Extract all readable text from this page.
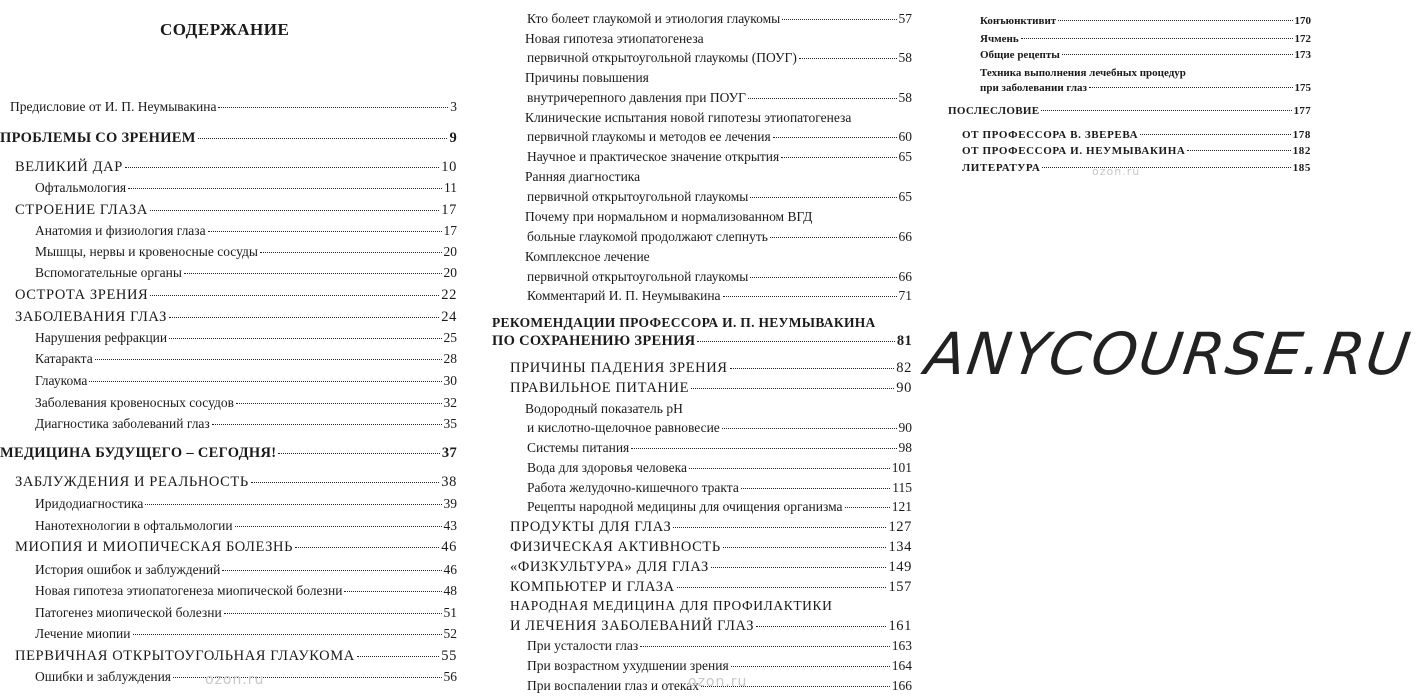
СОДЕРЖАНИЕ
Предисловие от И. П. Неумывакина	3
ПРОБЛЕМЫ СО ЗРЕНИЕМ	9
ВЕЛИКИЙ ДАР	10
Офтальмология	11
СТРОЕНИЕ ГЛАЗА	17
Анатомия и физиология глаза	17
Мышцы, нервы и кровеносные сосуды	20
Вспомогательные органы	20
ОСТРОТА ЗРЕНИЯ	22
ЗАБОЛЕВАНИЯ ГЛАЗ	24
Нарушения рефракции	25
Катаракта	28
Глаукома	30
Заболевания кровеносных сосудов	32
Диагностика заболеваний глаз	35
МЕДИЦИНА БУДУЩЕГО – СЕГОДНЯ!	37
ЗАБЛУЖДЕНИЯ И РЕАЛЬНОСТЬ	38
Иридодиагностика	39
Нанотехнологии в офтальмологии	43
МИОПИЯ И МИОПИЧЕСКАЯ БОЛЕЗНЬ	46
История ошибок и заблуждений	46
Новая гипотеза этиопатогенеза миопической болезни	48
Патогенез миопической болезни	51
Лечение миопии	52
ПЕРВИЧНАЯ ОТКРЫТОУГОЛЬНАЯ ГЛАУКОМА	55
Ошибки и заблуждения	56
Кто болеет глаукомой и этиология глаукомы	57
Новая гипотеза этиопатогенеза
первичной открытоугольной глаукомы (ПОУГ)	58
Причины повышения
внутричерепного давления при ПОУГ	58
Клинические испытания новой гипотезы этиопатогенеза
первичной глаукомы и методов ее лечения	60
Научное и практическое значение открытия	65
Ранняя диагностика
первичной открытоугольной глаукомы	65
Почему при нормальном и нормализованном ВГД
больные глаукомой продолжают слепнуть	66
Комплексное лечение
первичной открытоугольной глаукомы	66
Комментарий И. П. Неумывакина	71
РЕКОМЕНДАЦИИ ПРОФЕССОРА И. П. НЕУМЫВАКИНА
ПО СОХРАНЕНИЮ ЗРЕНИЯ	81
ПРИЧИНЫ ПАДЕНИЯ ЗРЕНИЯ	82
ПРАВИЛЬНОЕ ПИТАНИЕ	90
Водородный показатель рН
и кислотно-щелочное равновесие	90
Системы питания	98
Вода для здоровья человека	101
Работа желудочно-кишечного тракта	115
Рецепты народной медицины для очищения организма	121
ПРОДУКТЫ ДЛЯ ГЛАЗ	127
ФИЗИЧЕСКАЯ АКТИВНОСТЬ	134
«ФИЗКУЛЬТУРА» ДЛЯ ГЛАЗ	149
КОМПЬЮТЕР И ГЛАЗА	157
НАРОДНАЯ МЕДИЦИНА ДЛЯ ПРОФИЛАКТИКИ
И ЛЕЧЕНИЯ ЗАБОЛЕВАНИЙ ГЛАЗ	161
При усталости глаз	163
При возрастном ухудшении зрения	164
При воспалении глаз и отеках	166
Конъюнктивит	170
Ячмень	172
Общие рецепты	173
Техника выполнения лечебных процедур
при заболевании глаз	175
ПОСЛЕСЛОВИЕ	177
ОТ ПРОФЕССОРА В. ЗВЕРЕВА	178
ОТ ПРОФЕССОРА И. НЕУМЫВАКИНА	182
ЛИТЕРАТУРА	185
ANYCOURSE.RU
ozon.ru	ozon.ru
ozon.ru
